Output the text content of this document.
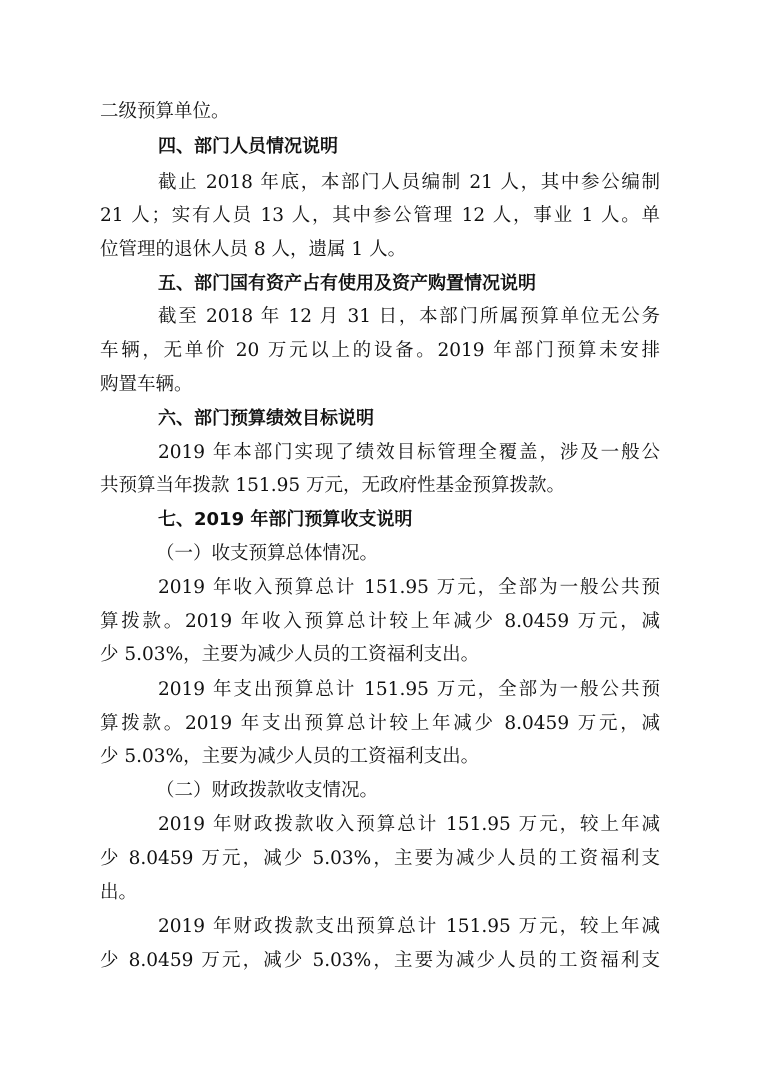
二级预算单位。
四、部门人员情况说明
截止 2018 年底，本部门人员编制 21 人，其中参公编制
21 人；实有人员 13 人，其中参公管理 12 人，事业 1 人。单
位管理的退休人员 8 人，遗属 1 人。
五、部门国有资产占有使用及资产购置情况说明
截至 2018 年 12 月 31 日，本部门所属预算单位无公务
车辆，无单价 20 万元以上的设备。2019 年部门预算未安排
购置车辆。
六、部门预算绩效目标说明
2019 年本部门实现了绩效目标管理全覆盖，涉及一般公
共预算当年拨款 151.95 万元，无政府性基金预算拨款。
七、2019 年部门预算收支说明
（一）收支预算总体情况。
2019 年收入预算总计 151.95 万元，全部为一般公共预
算拨款。2019 年收入预算总计较上年减少 8.0459 万元，减
少 5.03%，主要为减少人员的工资福利支出。
2019 年支出预算总计 151.95 万元，全部为一般公共预
算拨款。2019 年支出预算总计较上年减少 8.0459 万元，减
少 5.03%，主要为减少人员的工资福利支出。
（二）财政拨款收支情况。
2019 年财政拨款收入预算总计 151.95 万元，较上年减
少 8.0459 万元，减少 5.03%，主要为减少人员的工资福利支
出。
2019 年财政拨款支出预算总计 151.95 万元，较上年减
少 8.0459 万元，减少 5.03%，主要为减少人员的工资福利支
